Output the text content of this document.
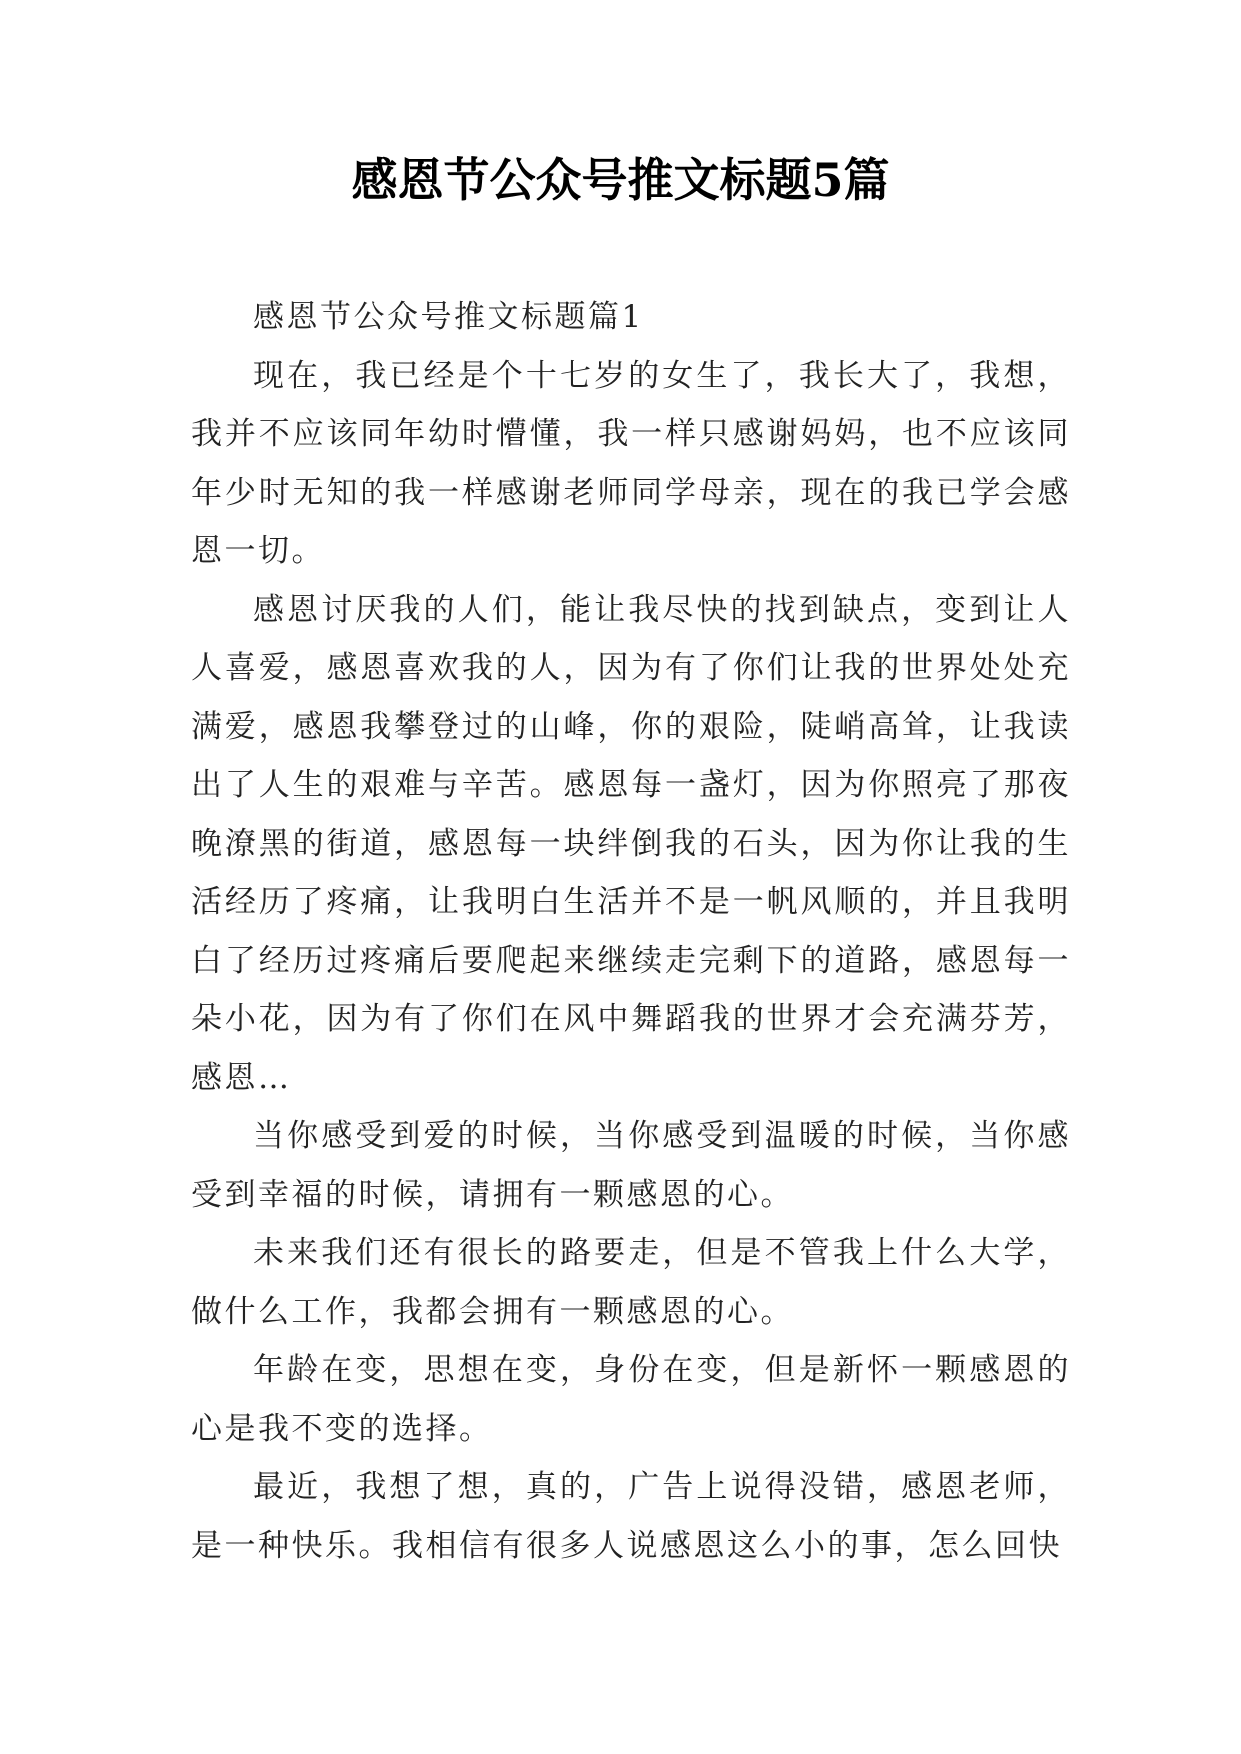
感恩节公众号推文标题5篇

感恩节公众号推文标题篇1

现在，我已经是个十七岁的女生了，我长大了，我想，我并不应该同年幼时懵懂，我一样只感谢妈妈，也不应该同年少时无知的我一样感谢老师同学母亲，现在的我已学会感恩一切。

感恩讨厌我的人们，能让我尽快的找到缺点，变到让人人喜爱，感恩喜欢我的人，因为有了你们让我的世界处处充满爱，感恩我攀登过的山峰，你的艰险，陡峭高耸，让我读出了人生的艰难与辛苦。感恩每一盏灯，因为你照亮了那夜晚潦黑的街道，感恩每一块绊倒我的石头，因为你让我的生活经历了疼痛，让我明白生活并不是一帆风顺的，并且我明白了经历过疼痛后要爬起来继续走完剩下的道路，感恩每一朵小花，因为有了你们在风中舞蹈我的世界才会充满芬芳，感恩…

当你感受到爱的时候，当你感受到温暖的时候，当你感受到幸福的时候，请拥有一颗感恩的心。

未来我们还有很长的路要走，但是不管我上什么大学，做什么工作，我都会拥有一颗感恩的心。

年龄在变，思想在变，身份在变，但是新怀一颗感恩的心是我不变的选择。

最近，我想了想，真的，广告上说得没错，感恩老师，是一种快乐。我相信有很多人说感恩这么小的事，怎么回快
